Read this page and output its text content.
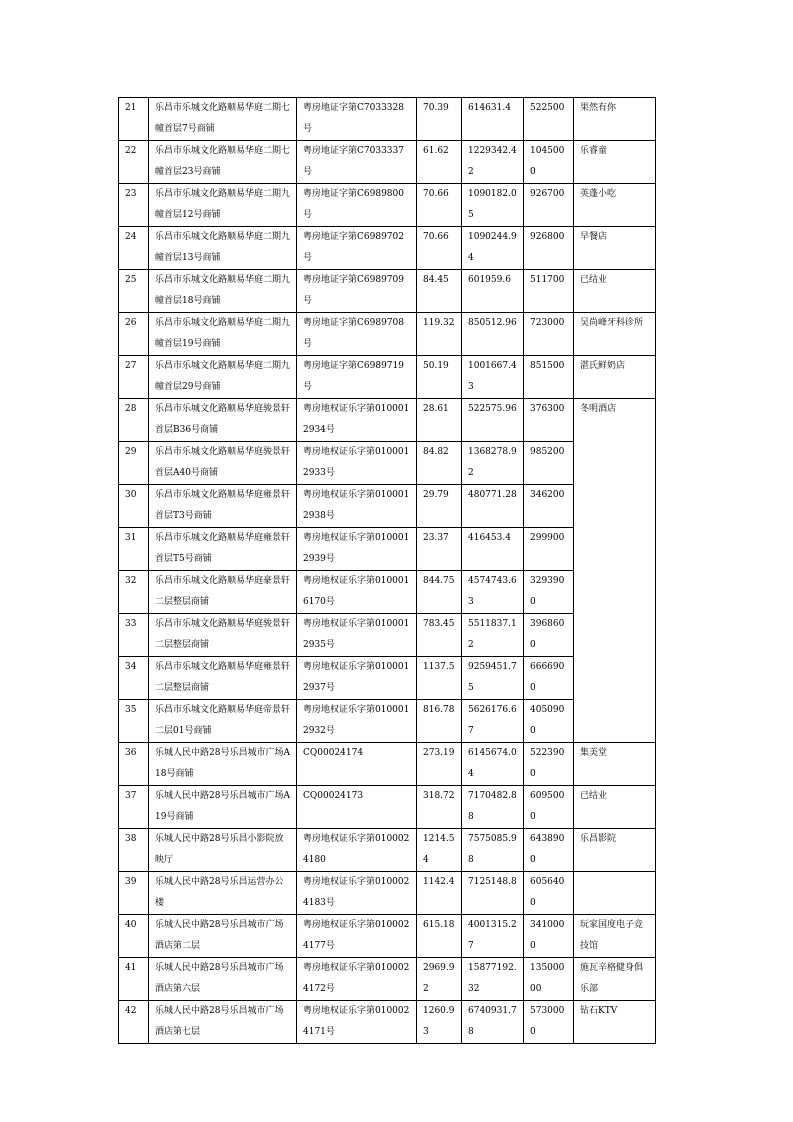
21	乐昌市乐城文化路顺易华庭二期七幢首层7号商铺	粤房地证字第C7033328号	70.39	614631.4	522500	果然有你
22	乐昌市乐城文化路顺易华庭二期七幢首层23号商铺	粤房地证字第C7033337号	61.62	1229342.42	1045000	乐睿童
23	乐昌市乐城文化路顺易华庭二期九幢首层12号商铺	粤房地证字第C6989800号	70.66	1090182.05	926700	英蓬小吃
24	乐昌市乐城文化路顺易华庭二期九幢首层13号商铺	粤房地证字第C6989702号	70.66	1090244.94	926800	早餐店
25	乐昌市乐城文化路顺易华庭二期九幢首层18号商铺	粤房地证字第C6989709号	84.45	601959.6	511700	已结业
26	乐昌市乐城文化路顺易华庭二期九幢首层19号商铺	粤房地证字第C6989708号	119.32	850512.96	723000	吴尚峰牙科诊所
27	乐昌市乐城文化路顺易华庭二期九幢首层29号商铺	粤房地证字第C6989719号	50.19	1001667.43	851500	湛氏鲜奶店
28	乐昌市乐城文化路顺易华庭骏景轩首层B36号商铺	粤房地权证乐字第0100012934号	28.61	522575.96	376300	冬明酒店
29	乐昌市乐城文化路顺易华庭骏景轩首层A40号商铺	粤房地权证乐字第0100012933号	84.82	1368278.92	985200	
30	乐昌市乐城文化路顺易华庭雍景轩首层T3号商铺	粤房地权证乐字第0100012938号	29.79	480771.28	346200	
31	乐昌市乐城文化路顺易华庭雍景轩首层T5号商铺	粤房地权证乐字第0100012939号	23.37	416453.4	299900	
32	乐昌市乐城文化路顺易华庭豪景轩二层整层商铺	粤房地权证乐字第0100016170号	844.75	4574743.63	3293900	
33	乐昌市乐城文化路顺易华庭骏景轩二层整层商铺	粤房地权证乐字第0100012935号	783.45	5511837.12	3968600	
34	乐昌市乐城文化路顺易华庭雍景轩二层整层商铺	粤房地权证乐字第0100012937号	1137.5	9259451.75	6666900	
35	乐昌市乐城文化路顺易华庭帝景轩二层01号商铺	粤房地权证乐字第0100012932号	816.78	5626176.67	4050900	
36	乐城人民中路28号乐昌城市广场A18号商铺	CQ00024174	273.19	6145674.04	5223900	集美堂
37	乐城人民中路28号乐昌城市广场A19号商铺	CQ00024173	318.72	7170482.88	6095000	已结业
38	乐城人民中路28号乐昌小影院放映厅	粤房地权证乐字第0100024180	1214.54	7575085.98	6438900	乐昌影院
39	乐城人民中路28号乐昌运营办公楼	粤房地权证乐字第0100024183号	1142.4	7125148.8	6056400	
40	乐城人民中路28号乐昌城市广场酒店第二层	粤房地权证乐字第0100024177号	615.18	4001315.27	3410000	玩家国度电子竞技馆
41	乐城人民中路28号乐昌城市广场酒店第六层	粤房地权证乐字第0100024172号	2969.92	15877192.32	13500000	施瓦辛格健身俱乐部
42	乐城人民中路28号乐昌城市广场酒店第七层	粤房地权证乐字第0100024171号	1260.93	6740931.78	5730000	钻石KTV
